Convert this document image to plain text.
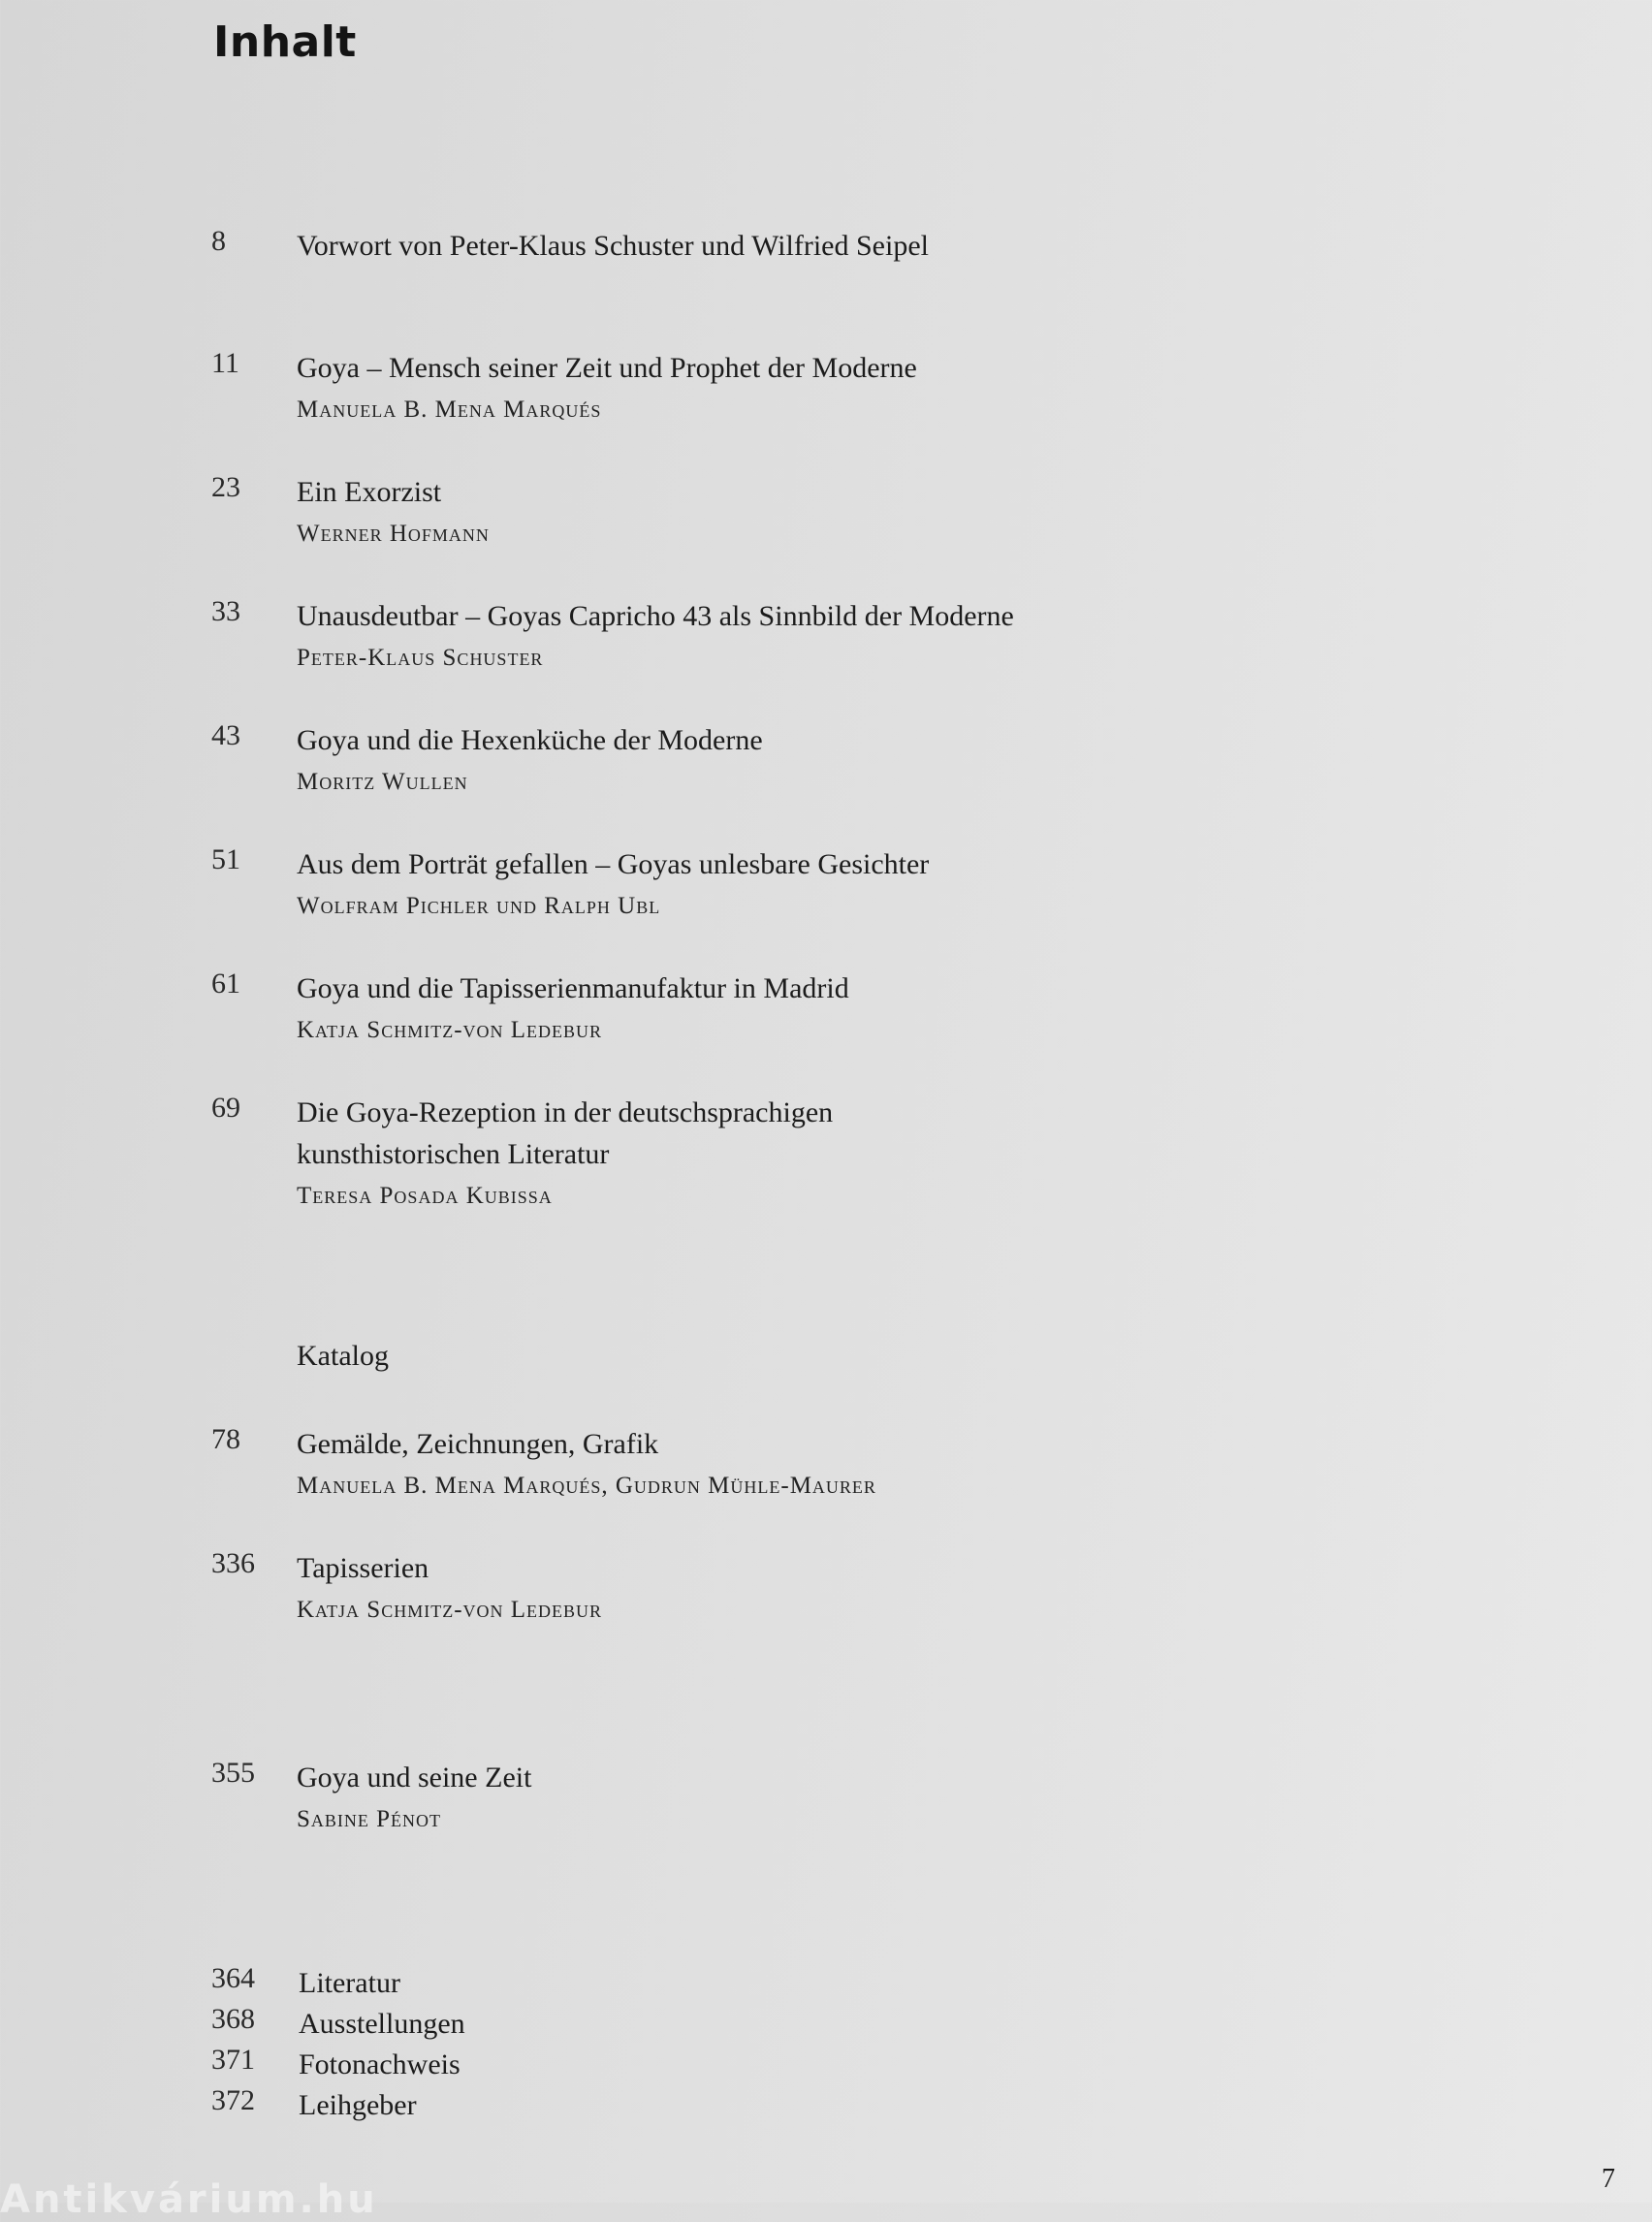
Inhalt
8	Vorwort von Peter-Klaus Schuster und Wilfried Seipel
11	Goya – Mensch seiner Zeit und Prophet der Moderne
Manuela B. Mena Marqués
23	Ein Exorzist
Werner Hofmann
33	Unausdeutbar – Goyas Capricho 43 als Sinnbild der Moderne
Peter-Klaus Schuster
43	Goya und die Hexenküche der Moderne
Moritz Wullen
51	Aus dem Porträt gefallen – Goyas unlesbare Gesichter
Wolfram Pichler und Ralph Ubl
61	Goya und die Tapisserienmanufaktur in Madrid
Katja Schmitz-von Ledebur
69	Die Goya-Rezeption in der deutschsprachigen
kunsthistorischen Literatur
Teresa Posada Kubissa
Katalog
78	Gemälde, Zeichnungen, Grafik
Manuela B. Mena Marqués, Gudrun Mühle-Maurer
336	Tapisserien
Katja Schmitz-von Ledebur
355	Goya und seine Zeit
Sabine Pénot
364	Literatur
368	Ausstellungen
371	Fotonachweis
372	Leihgeber
7
Antikvárium.hu
